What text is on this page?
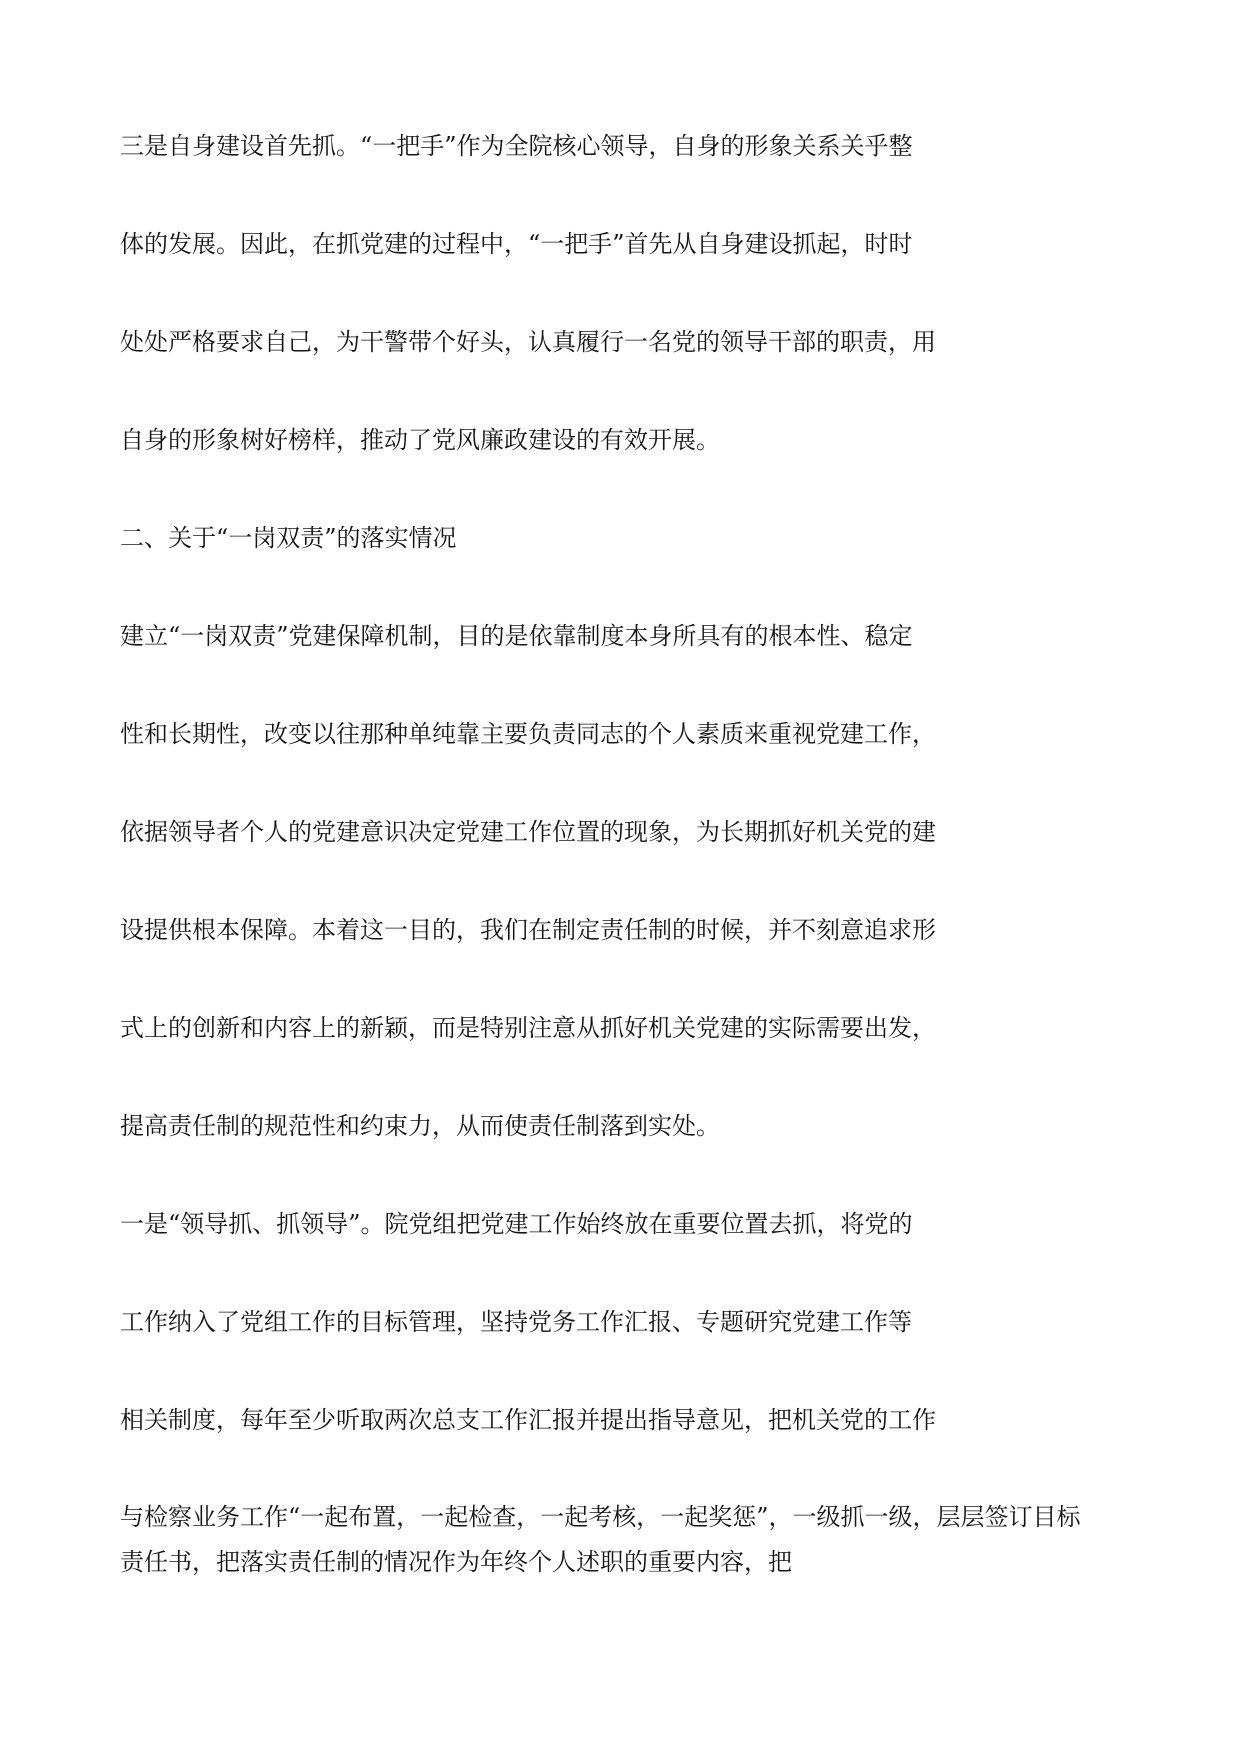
三是自身建设首先抓。“一把手”作为全院核心领导，自身的形象关系关乎整
体的发展。因此，在抓党建的过程中，“一把手”首先从自身建设抓起，时时
处处严格要求自己，为干警带个好头，认真履行一名党的领导干部的职责，用
自身的形象树好榜样，推动了党风廉政建设的有效开展。
二、关于“一岗双责”的落实情况
建立“一岗双责”党建保障机制，目的是依靠制度本身所具有的根本性、稳定
性和长期性，改变以往那种单纯靠主要负责同志的个人素质来重视党建工作，
依据领导者个人的党建意识决定党建工作位置的现象，为长期抓好机关党的建
设提供根本保障。本着这一目的，我们在制定责任制的时候，并不刻意追求形
式上的创新和内容上的新颖，而是特别注意从抓好机关党建的实际需要出发，
提高责任制的规范性和约束力，从而使责任制落到实处。
一是“领导抓、抓领导”。院党组把党建工作始终放在重要位置去抓，将党的
工作纳入了党组工作的目标管理，坚持党务工作汇报、专题研究党建工作等
相关制度，每年至少听取两次总支工作汇报并提出指导意见，把机关党的工作
与检察业务工作“一起布置，一起检查，一起考核，一起奖惩”，一级抓一级，层层签订目标
责任书，把落实责任制的情况作为年终个人述职的重要内容，把
